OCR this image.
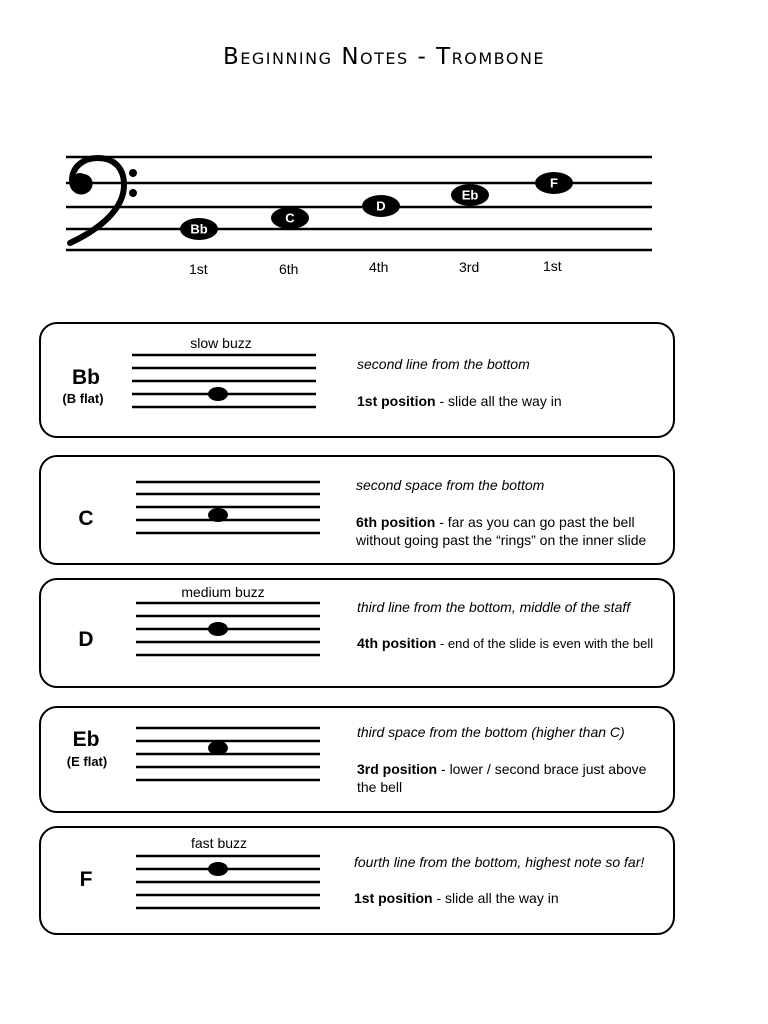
Beginning Notes - Trombone
Bb
C
D
Eb
F
1st	6th	4th	3rd	1st
Bb
(B flat)
slow buzz
second line from the bottom
1st position - slide all the way in
C
second space from the bottom
6th position - far as you can go past the bell without going past the “rings” on the inner slide
D
medium buzz
third line from the bottom, middle of the staff
4th position - end of the slide is even with the bell
Eb
(E flat)
third space from the bottom (higher than C)
3rd position - lower / second brace just above the bell
F
fast buzz
fourth line from the bottom, highest note so far!
1st position - slide all the way in
